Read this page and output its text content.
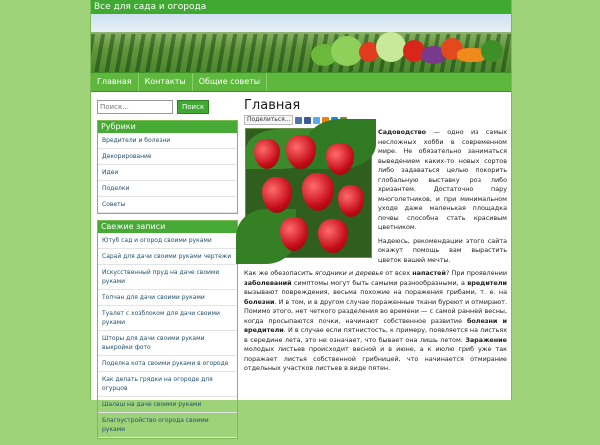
Все для сада и огорода
Главная	Контакты	Общие советы
Поиск...
Поиск
Рубрики
Вредители и болезни
Декорирование
Идеи
Поделки
Советы
Свежие записи
Ютуб сад и огород своими руками
Сарай для дачи своими руками чертежи
Искусственный пруд на даче своими руками
Топчан для дачи своими руками
Туалет с хозблоком для дачи своими руками
Шторы для дачи своими руками выкройки фото
Поделка кота своими руками в огороде
Как делать грядки на огороде для огурцов
Шалаш на даче своими руками
Благоустройство огорода своими руками
Главная
Поделиться...

Садоводство — одно из самых несложных хобби в современном мире. Не обязательно заниматься выведением каких-то новых сортов либо задаваться целью покорить глобальную выставку роз либо хризантем. Достаточно пару многолетников, и при минимальном уходе даже маленькая площадка почвы способна стать красивым цветником.

Надеюсь, рекомендации этого сайта окажут помощь вам вырастить цветок вашей мечты.

Как же обезопасить ягодники и деревья от всех напастей? При проявлении заболеваний симптомы могут быть самыми разнообразными, а вредители вызывают повреждения, весьма похожие на поражения грибами, т. е. на болезни. И в том, и в другом случае пораженные ткани буреют и отмирают. Помимо этого, нет четкого разделения во времени — с самой ранней весны, когда просыпаются почки, начинают собственное развитие болезни и вредители. И в случае если пятнистость, к примеру, появляется на листьях в середине лета, это не означает, что бывает она лишь летом. Заражение молодых листьев происходит весной и в июне, а к июлю гриб уже так поражает листья собственной грибницей, что начинается отмирание отдельных участков листьев в виде пятен.
